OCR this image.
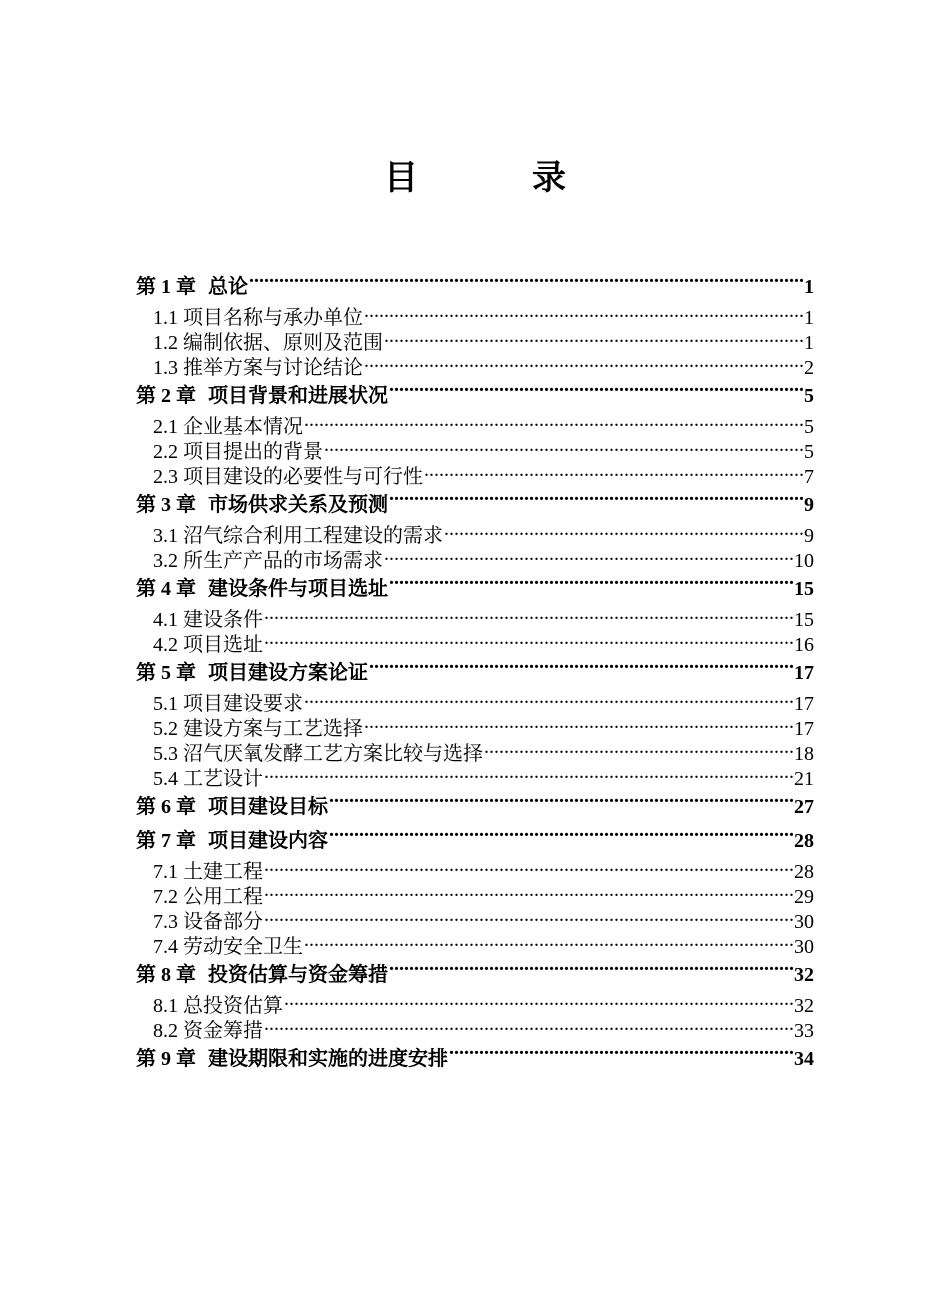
目　录
第 1 章 总论 .....	1
1.1 项目名称与承办单位 .....	1
1.2 编制依据、原则及范围 .....	1
1.3 推举方案与讨论结论 .....	2
第 2 章 项目背景和进展状况 .....	5
2.1 企业基本情况 .....	5
2.2 项目提出的背景 .....	5
2.3 项目建设的必要性与可行性 .....	7
第 3 章 市场供求关系及预测 .....	9
3.1 沼气综合利用工程建设的需求 .....	9
3.2 所生产产品的市场需求 .....	10
第 4 章 建设条件与项目选址 .....	15
4.1 建设条件 .....	15
4.2 项目选址 .....	16
第 5 章 项目建设方案论证 .....	17
5.1 项目建设要求 .....	17
5.2 建设方案与工艺选择 .....	17
5.3 沼气厌氧发酵工艺方案比较与选择 .....	18
5.4 工艺设计 .....	21
第 6 章 项目建设目标 .....	27
第 7 章 项目建设内容 .....	28
7.1 土建工程 .....	28
7.2 公用工程 .....	29
7.3 设备部分 .....	30
7.4 劳动安全卫生 .....	30
第 8 章 投资估算与资金筹措 .....	32
8.1 总投资估算 .....	32
8.2 资金筹措 .....	33
第 9 章 建设期限和实施的进度安排 .....	34
